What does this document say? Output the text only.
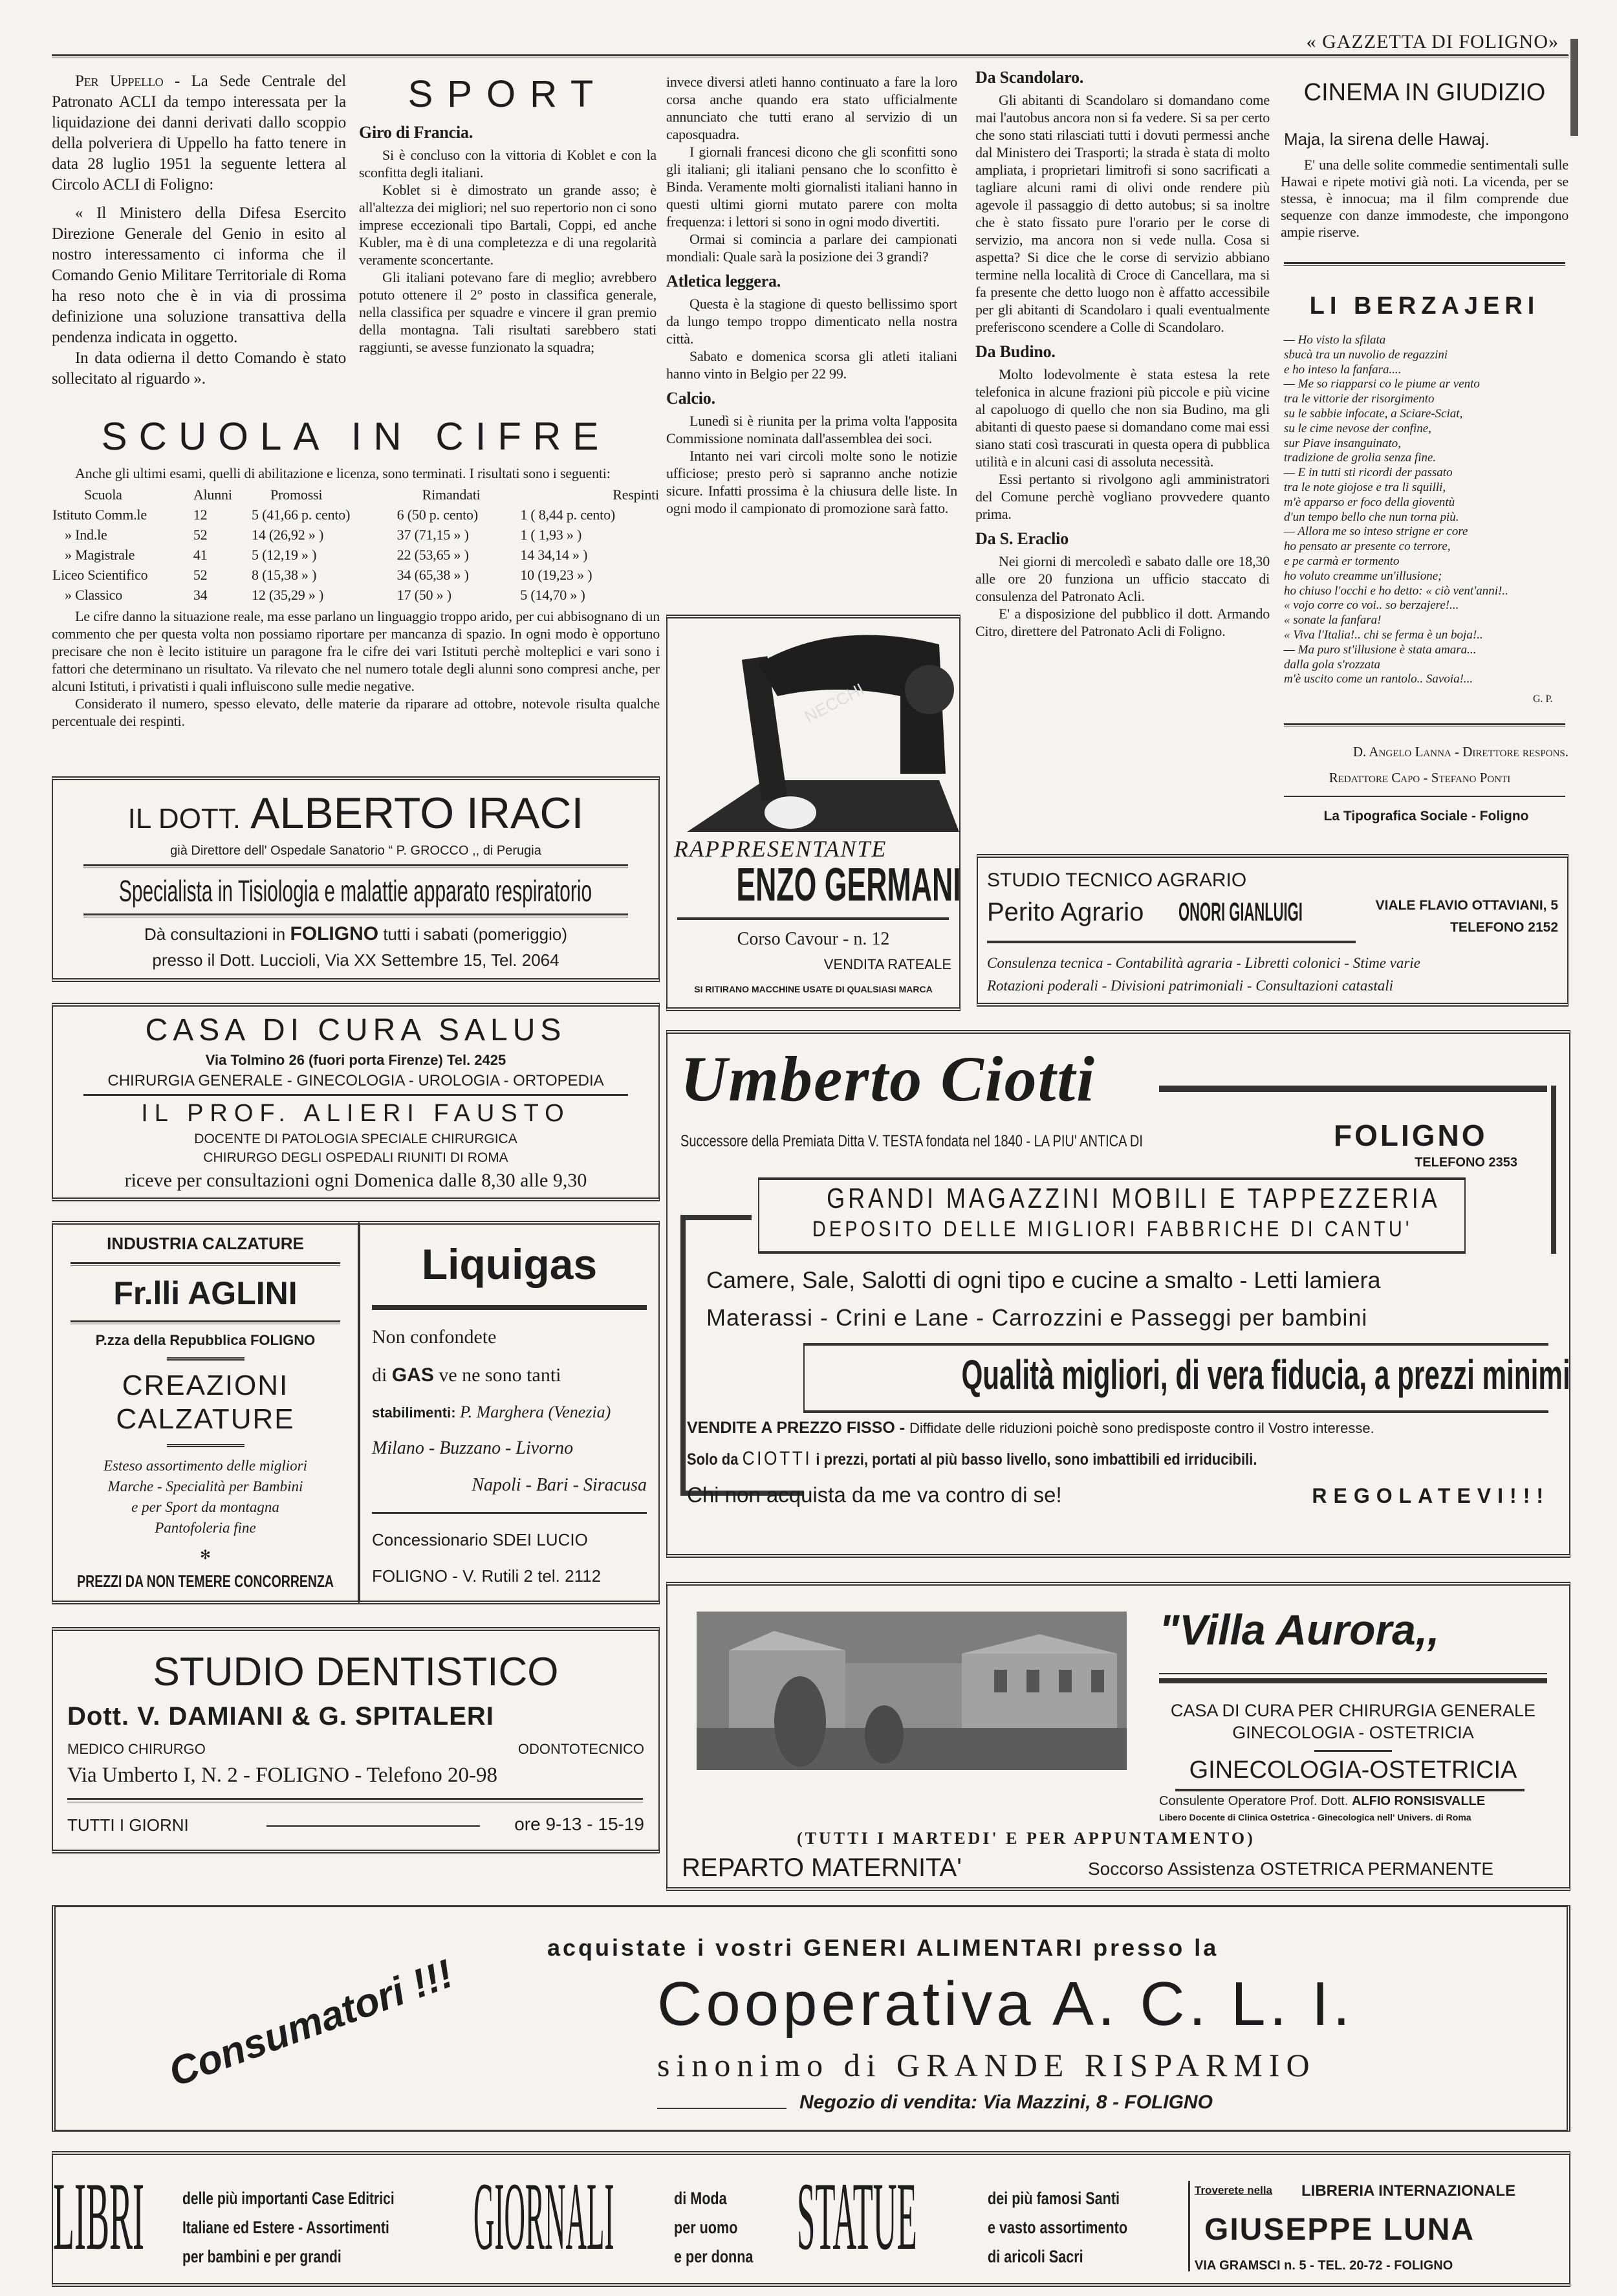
« GAZZETTA DI FOLIGNO»

Per Uppello - La Sede Centrale del Patronato ACLI da tempo interessata per la liquidazione dei danni derivati dallo scoppio della polveriera di Uppello ha fatto tenere in data 28 luglio 1951 la seguente lettera al Circolo ACLI di Foligno:

« Il Ministero della Difesa Esercito Direzione Generale del Genio in esito al nostro interessamento ci informa che il Comando Genio Militare Territoriale di Roma ha reso noto che è in via di prossima definizione una soluzione transattiva della pendenza indicata in oggetto.

In data odierna il detto Comando è stato sollecitato al riguardo ».

SPORT
Giro di Francia.

Si è concluso con la vittoria di Koblet e con la sconfitta degli italiani.

Koblet si è dimostrato un grande asso; è all'altezza dei migliori; nel suo repertorio non ci sono imprese eccezionali tipo Bartali, Coppi, ed anche Kubler, ma è di una completezza e di una regolarità veramente sconcertante.

Gli italiani potevano fare di meglio; avrebbero potuto ottenere il 2° posto in classifica generale, nella classifica per squadre e vincere il gran premio della montagna. Tali risultati sarebbero stati raggiunti, se avesse funzionato la squadra;

invece diversi atleti hanno continuato a fare la loro corsa anche quando era stato ufficialmente annunciato che tutti erano al servizio di un caposquadra.

I giornali francesi dicono che gli sconfitti sono gli italiani; gli italiani pensano che lo sconfitto è Binda. Veramente molti giornalisti italiani hanno in questi ultimi giorni mutato parere con molta frequenza: i lettori si sono in ogni modo divertiti.

Ormai si comincia a parlare dei campionati mondiali: Quale sarà la posizione dei 3 grandi?

Atletica leggera.

Questa è la stagione di questo bellissimo sport da lungo tempo troppo dimenticato nella nostra città.

Sabato e domenica scorsa gli atleti italiani hanno vinto in Belgio per 22 99.

Calcio.

Lunedì si è riunita per la prima volta l'apposita Commissione nominata dall'assemblea dei soci.

Intanto nei vari circoli molte sono le notizie ufficiose; presto però si sapranno anche notizie sicure. Infatti prossima è la chiusura delle liste. In ogni modo il campionato di promozione sarà fatto.

SCUOLA IN CIFRE

Anche gli ultimi esami, quelli di abilitazione e licenza, sono terminati. I risultati sono i seguenti:

Scuola	Alunni	Promossi	Rimandati	Respinti
Istituto Comm.le	12	5 (41,66 p. cento)	6 (50 p. cento)	1 ( 8,44 p. cento)
» Ind.le	52	14 (26,92 » )	37 (71,15 » )	1 ( 1,93 » )
» Magistrale	41	5 (12,19 » )	22 (53,65 » )	14 34,14 » )
Liceo Scientifico	52	8 (15,38 » )	34 (65,38 » )	10 (19,23 » )
» Classico	34	12 (35,29 » )	17 (50 » )	5 (14,70 » )

Le cifre danno la situazione reale, ma esse parlano un linguaggio troppo arido, per cui abbisognano di un commento che per questa volta non possiamo riportare per mancanza di spazio. In ogni modo è opportuno precisare che non è lecito istituire un paragone fra le cifre dei vari Istituti perchè molteplici e vari sono i fattori che determinano un risultato. Va rilevato che nel numero totale degli alunni sono compresi anche, per alcuni Istituti, i privatisti i quali influiscono sulle medie negative.

Considerato il numero, spesso elevato, delle materie da riparare ad ottobre, notevole risulta qualche percentuale dei respinti.

Da Scandolaro.

Gli abitanti di Scandolaro si domandano come mai l'autobus ancora non si fa vedere. Si sa per certo che sono stati rilasciati tutti i dovuti permessi anche dal Ministero dei Trasporti; la strada è stata di molto ampliata, i proprietari limitrofi si sono sacrificati a tagliare alcuni rami di olivi onde rendere più agevole il passaggio di detto autobus; si sa inoltre che è stato fissato pure l'orario per le corse di servizio, ma ancora non si vede nulla. Cosa si aspetta? Si dice che le corse di servizio abbiano termine nella località di Croce di Cancellara, ma si fa presente che detto luogo non è affatto accessibile per gli abitanti di Scandolaro i quali eventualmente preferiscono scendere a Colle di Scandolaro.

Da Budino.

Molto lodevolmente è stata estesa la rete telefonica in alcune frazioni più piccole e più vicine al capoluogo di quello che non sia Budino, ma gli abitanti di questo paese si domandano come mai essi siano stati così trascurati in questa opera di pubblica utilità e in alcuni casi di assoluta necessità.

Essi pertanto si rivolgono agli amministratori del Comune perchè vogliano provvedere quanto prima.

Da S. Eraclio

Nei giorni di mercoledì e sabato dalle ore 18,30 alle ore 20 funziona un ufficio staccato di consulenza del Patronato Acli.

E' a disposizione del pubblico il dott. Armando Citro, direttere del Patronato Acli di Foligno.

CINEMA IN GIUDIZIO
Maja, la sirena delle Hawaj.

E' una delle solite commedie sentimentali sulle Hawai e ripete motivi già noti. La vicenda, per se stessa, è innocua; ma il film comprende due sequenze con danze immodeste, che impongono ampie riserve.

LI BERZAJERI
— Ho visto la sfilata
sbucà tra un nuvolio de regazzini
e ho inteso la fanfara....
— Me so riapparsi co le piume ar vento
tra le vittorie der risorgimento
su le sabbie infocate, a Sciare-Sciat,
su le cime nevose der confine,
sur Piave insanguinato,
tradizione de grolia senza fine.
— E in tutti sti ricordi der passato
tra le note giojose e tra li squilli,
m'è apparso er foco della gioventù
d'un tempo bello che nun torna più.
— Allora me so inteso strigne er core
ho pensato ar presente co terrore,
e pe carmà er tormento
ho voluto creamme un'illusione;
ho chiuso l'occhi e ho detto: « ciò vent'anni!..
« vojo corre co voi.. so berzajere!...
« sonate la fanfara!
« Viva l'Italia!.. chi se ferma è un boja!..
— Ma puro st'illusione è stata amara...
dalla gola s'rozzata
m'è uscito come un rantolo.. Savoia!...
G. P.
D. Angelo Lanna - Direttore respons.
Redattore Capo - Stefano Ponti
La Tipografica Sociale - Foligno
NECCHI
RAPPRESENTANTE
ENZO GERMANI
Corso Cavour - n. 12
VENDITA RATEALE
SI RITIRANO MACCHINE USATE DI QUALSIASI MARCA
IL DOTT. ALBERTO IRACI
già Direttore dell' Ospedale Sanatorio “ P. GROCCO ,, di Perugia
Specialista in Tisiologia e malattie apparato respiratorio
Dà consultazioni in FOLIGNO tutti i sabati (pomeriggio)
presso il Dott. Luccioli, Via XX Settembre 15, Tel. 2064
CASA DI CURA SALUS
Via Tolmino 26 (fuori porta Firenze) Tel. 2425
CHIRURGIA GENERALE - GINECOLOGIA - UROLOGIA - ORTOPEDIA
IL PROF. ALIERI FAUSTO
DOCENTE DI PATOLOGIA SPECIALE CHIRURGICA
CHIRURGO DEGLI OSPEDALI RIUNITI DI ROMA
riceve per consultazioni ogni Domenica dalle 8,30 alle 9,30
STUDIO TECNICO AGRARIO
Perito Agrario ONORI GIANLUIGI	VIALE FLAVIO OTTAVIANI, 5
TELEFONO 2152
Consulenza tecnica - Contabilità agraria - Libretti colonici - Stime varie
Rotazioni poderali - Divisioni patrimoniali - Consultazioni catastali
Umberto Ciotti
Successore della Premiata Ditta V. TESTA fondata nel 1840 - LA PIU' ANTICA DI	FOLIGNO
TELEFONO 2353
GRANDI MAGAZZINI MOBILI E TAPPEZZERIA
DEPOSITO DELLE MIGLIORI FABBRICHE DI CANTU'
Camere, Sale, Salotti di ogni tipo e cucine a smalto - Letti lamiera
Materassi - Crini e Lane - Carrozzini e Passeggi per bambini
Qualità migliori, di vera fiducia, a prezzi minimi
VENDITE A PREZZO FISSO - Diffidate delle riduzioni poichè sono predisposte contro il Vostro interesse.
Solo da CIOTTI i prezzi, portati al più basso livello, sono imbattibili ed irriducibili.
Chi non acquista da me va contro di se!	REGOLATEVI!!!
INDUSTRIA CALZATURE
Fr.lli AGLINI
P.zza della Repubblica FOLIGNO
CREAZIONI
CALZATURE
Esteso assortimento delle migliori
Marche - Specialità per Bambini
e per Sport da montagna
Pantofoleria fine
✻
PREZZI DA NON TEMERE CONCORRENZA
Liquigas
Non confondete
di GAS ve ne sono tanti
stabilimenti: P. Marghera (Venezia)
Milano - Buzzano - Livorno
Napoli - Bari - Siracusa
Concessionario SDEI LUCIO
FOLIGNO - V. Rutili 2 tel. 2112
STUDIO DENTISTICO
Dott. V. DAMIANI & G. SPITALERI
MEDICO CHIRURGO	ODONTOTECNICO
Via Umberto I, N. 2 - FOLIGNO - Telefono 20-98
TUTTI I GIORNI	ore 9-13 - 15-19
"Villa Aurora,,
CASA DI CURA PER CHIRURGIA GENERALE
GINECOLOGIA - OSTETRICIA
GINECOLOGIA-OSTETRICIA
Consulente Operatore Prof. Dott. ALFIO RONSISVALLE
Libero Docente di Clinica Ostetrica - Ginecologica nell' Univers. di Roma
(TUTTI I MARTEDI' E PER APPUNTAMENTO)
REPARTO MATERNITA'	Soccorso Assistenza OSTETRICA PERMANENTE
Consumatori !!!
acquistate i vostri GENERI ALIMENTARI presso la
Cooperativa A. C. L. I.
sinonimo di GRANDE RISPARMIO
Negozio di vendita: Via Mazzini, 8 - FOLIGNO
LIBRI delle più importanti Case Editrici
Italiane ed Estere - Assortimenti
per bambini e per grandi	GIORNALI	di Moda
per uomo
e per donna STATUE	dei più famosi Santi
e vasto assortimento
di aricoli Sacri
Troverete nella LIBRERIA INTERNAZIONALE
GIUSEPPE LUNA
VIA GRAMSCI n. 5 - TEL. 20-72 - FOLIGNO
